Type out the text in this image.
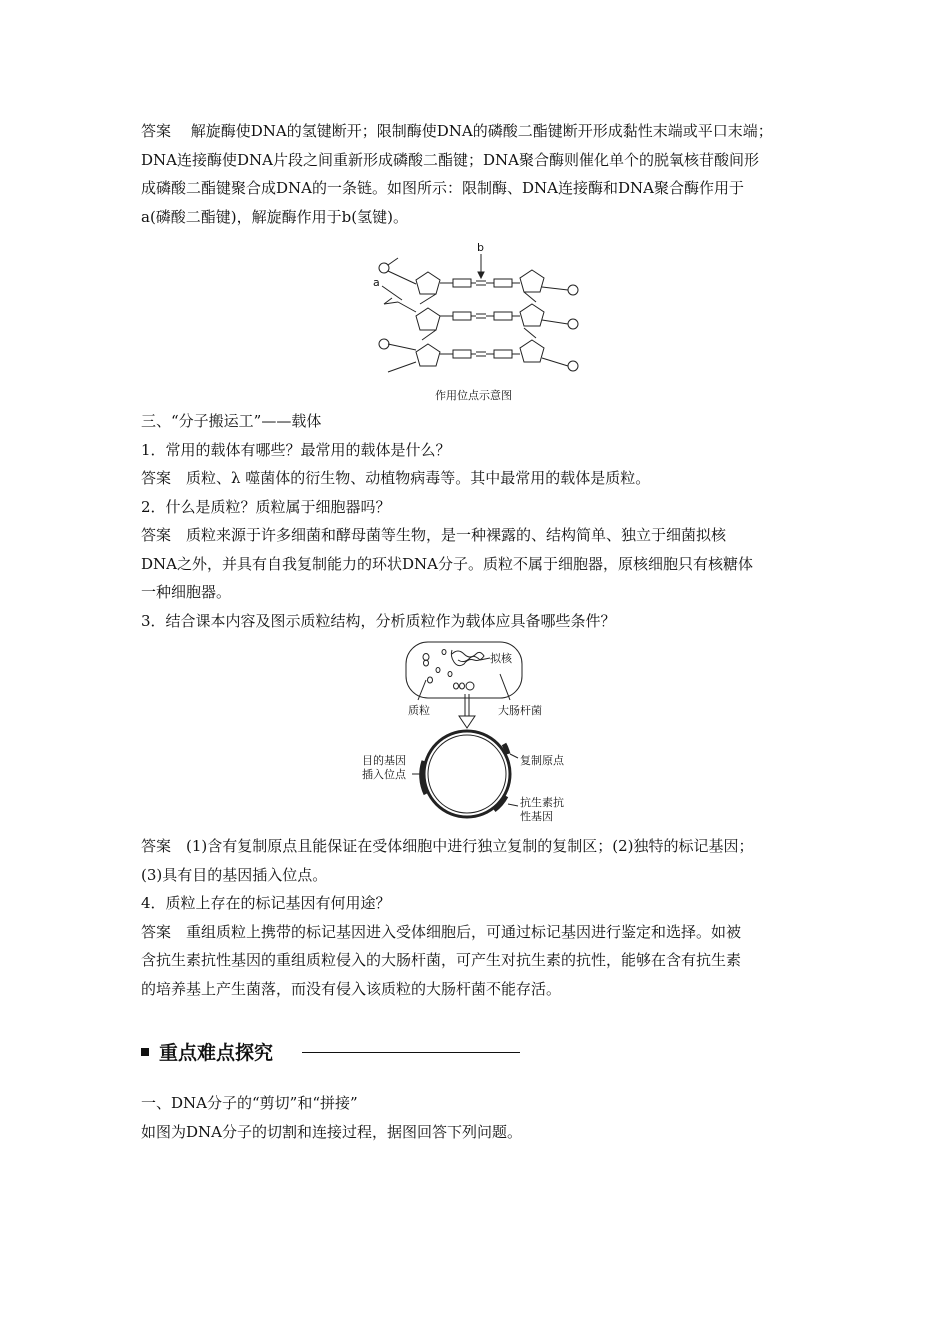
答案　 解旋酶使DNA的氢键断开；限制酶使DNA的磷酸二酯键断开形成黏性末端或平口末端；
DNA连接酶使DNA片段之间重新形成磷酸二酯键；DNA聚合酶则催化单个的脱氧核苷酸间形
成磷酸二酯键聚合成DNA的一条链。如图所示：限制酶、DNA连接酶和DNA聚合酶作用于
a(磷酸二酯键)，解旋酶作用于b(氢键)。
a
b
作用位点示意图
三、“分子搬运工”——载体
1．常用的载体有哪些？最常用的载体是什么？
答案　质粒、λ 噬菌体的衍生物、动植物病毒等。其中最常用的载体是质粒。
2．什么是质粒？质粒属于细胞器吗？
答案　质粒来源于许多细菌和酵母菌等生物，是一种裸露的、结构简单、独立于细菌拟核
DNA之外，并具有自我复制能力的环状DNA分子。质粒不属于细胞器，原核细胞只有核糖体
一种细胞器。
3．结合课本内容及图示质粒结构，分析质粒作为载体应具备哪些条件？
拟核
质粒	大肠杆菌
目的基因
插入位点
复制原点
抗生素抗
性基因
答案　(1)含有复制原点且能保证在受体细胞中进行独立复制的复制区；(2)独特的标记基因；
(3)具有目的基因插入位点。
4．质粒上存在的标记基因有何用途？
答案　重组质粒上携带的标记基因进入受体细胞后，可通过标记基因进行鉴定和选择。如被
含抗生素抗性基因的重组质粒侵入的大肠杆菌，可产生对抗生素的抗性，能够在含有抗生素
的培养基上产生菌落，而没有侵入该质粒的大肠杆菌不能存活。
重点难点探究
一、DNA分子的“剪切”和“拼接”
如图为DNA分子的切割和连接过程，据图回答下列问题。
